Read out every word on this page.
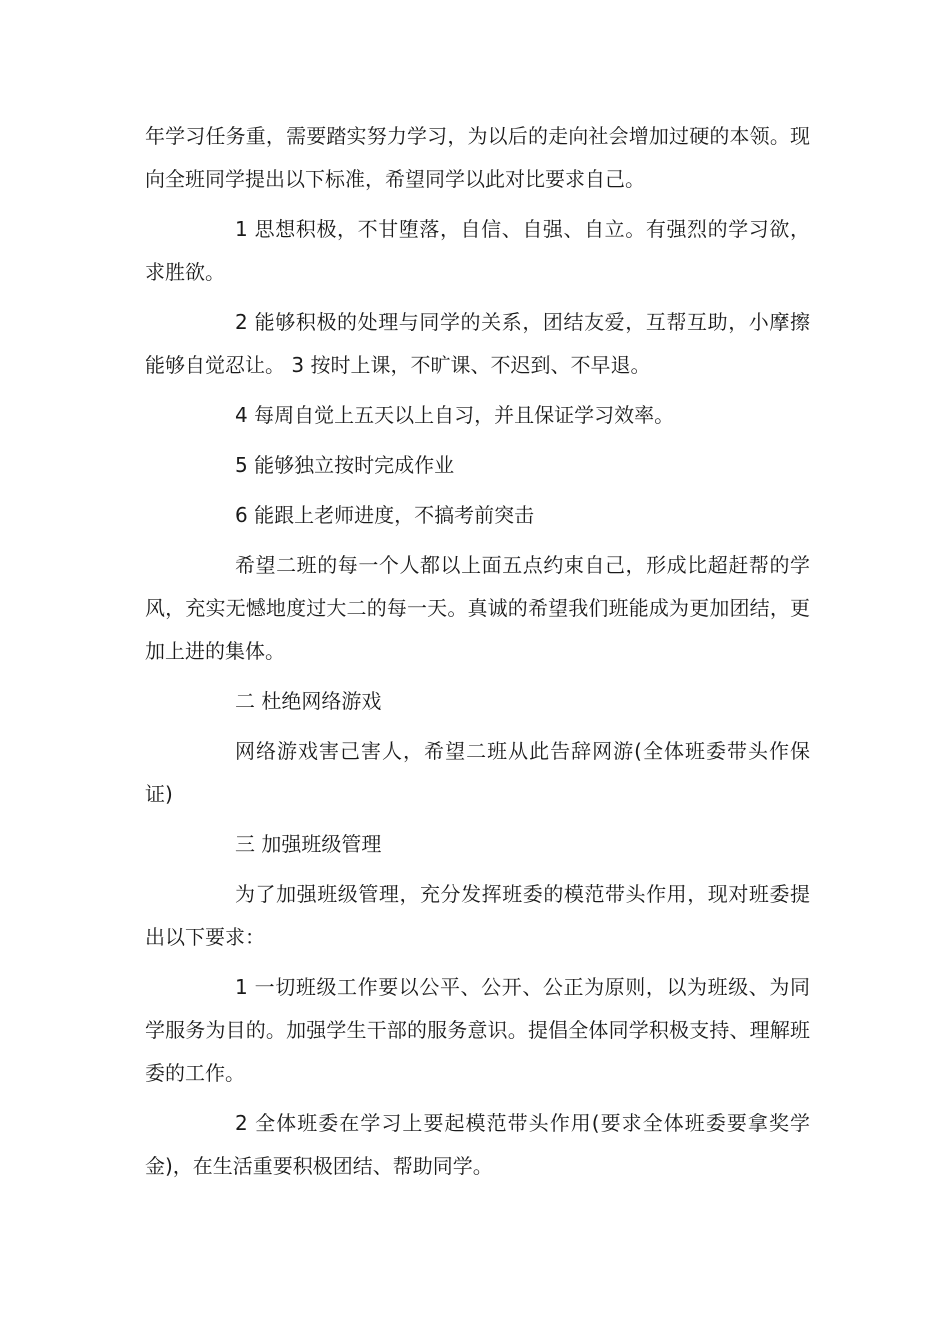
年学习任务重，需要踏实努力学习，为以后的走向社会增加过硬的本领。现向全班同学提出以下标准，希望同学以此对比要求自己。

1 思想积极，不甘堕落，自信、自强、自立。有强烈的学习欲，求胜欲。

2 能够积极的处理与同学的关系，团结友爱，互帮互助，小摩擦能够自觉忍让。 3 按时上课，不旷课、不迟到、不早退。

4 每周自觉上五天以上自习，并且保证学习效率。

5 能够独立按时完成作业

6 能跟上老师进度，不搞考前突击

希望二班的每一个人都以上面五点约束自己，形成比超赶帮的学风，充实无憾地度过大二的每一天。真诚的希望我们班能成为更加团结，更加上进的集体。

二 杜绝网络游戏

网络游戏害己害人，希望二班从此告辞网游(全体班委带头作保证)

三 加强班级管理

为了加强班级管理，充分发挥班委的模范带头作用，现对班委提出以下要求：

1 一切班级工作要以公平、公开、公正为原则，以为班级、为同学服务为目的。加强学生干部的服务意识。提倡全体同学积极支持、理解班委的工作。

2 全体班委在学习上要起模范带头作用(要求全体班委要拿奖学金)，在生活重要积极团结、帮助同学。
